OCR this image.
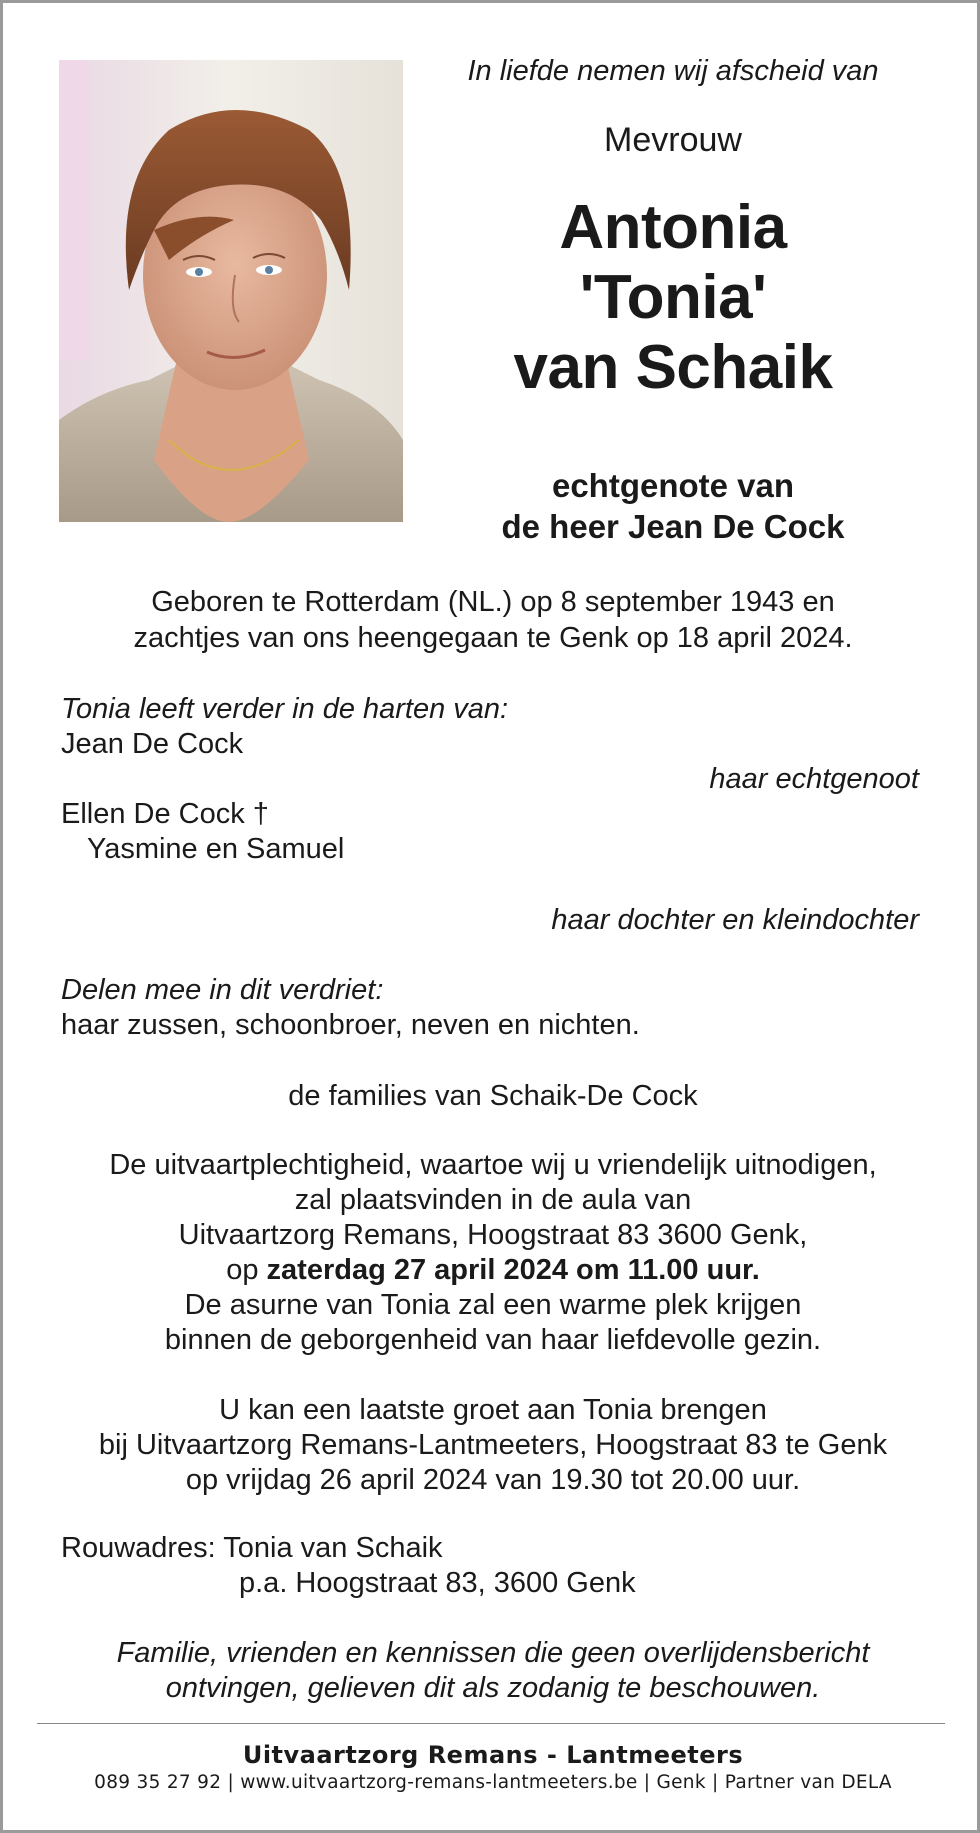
In liefde nemen wij afscheid van
Mevrouw
Antonia
'Tonia'
van Schaik
echtgenote van
de heer Jean De Cock
Geboren te Rotterdam (NL.) op 8 september 1943 en
zachtjes van ons heengegaan te Genk op 18 april 2024.
Tonia leeft verder in de harten van:
Jean De Cock
haar echtgenoot
Ellen De Cock †
Yasmine en Samuel
haar dochter en kleindochter
Delen mee in dit verdriet:
haar zussen, schoonbroer, neven en nichten.
de families van Schaik-De Cock
De uitvaartplechtigheid, waartoe wij u vriendelijk uitnodigen,
zal plaatsvinden in de aula van
Uitvaartzorg Remans, Hoogstraat 83 3600 Genk,
op zaterdag 27 april 2024 om 11.00 uur.
De asurne van Tonia zal een warme plek krijgen
binnen de geborgenheid van haar liefdevolle gezin.
U kan een laatste groet aan Tonia brengen
bij Uitvaartzorg Remans-Lantmeeters, Hoogstraat 83 te Genk
op vrijdag 26 april 2024 van 19.30 tot 20.00 uur.
Rouwadres: Tonia van Schaik
p.a. Hoogstraat 83, 3600 Genk
Familie, vrienden en kennissen die geen overlijdensbericht
ontvingen, gelieven dit als zodanig te beschouwen.
Uitvaartzorg Remans - Lantmeeters
089 35 27 92 | www.uitvaartzorg-remans-lantmeeters.be | Genk | Partner van DELA
